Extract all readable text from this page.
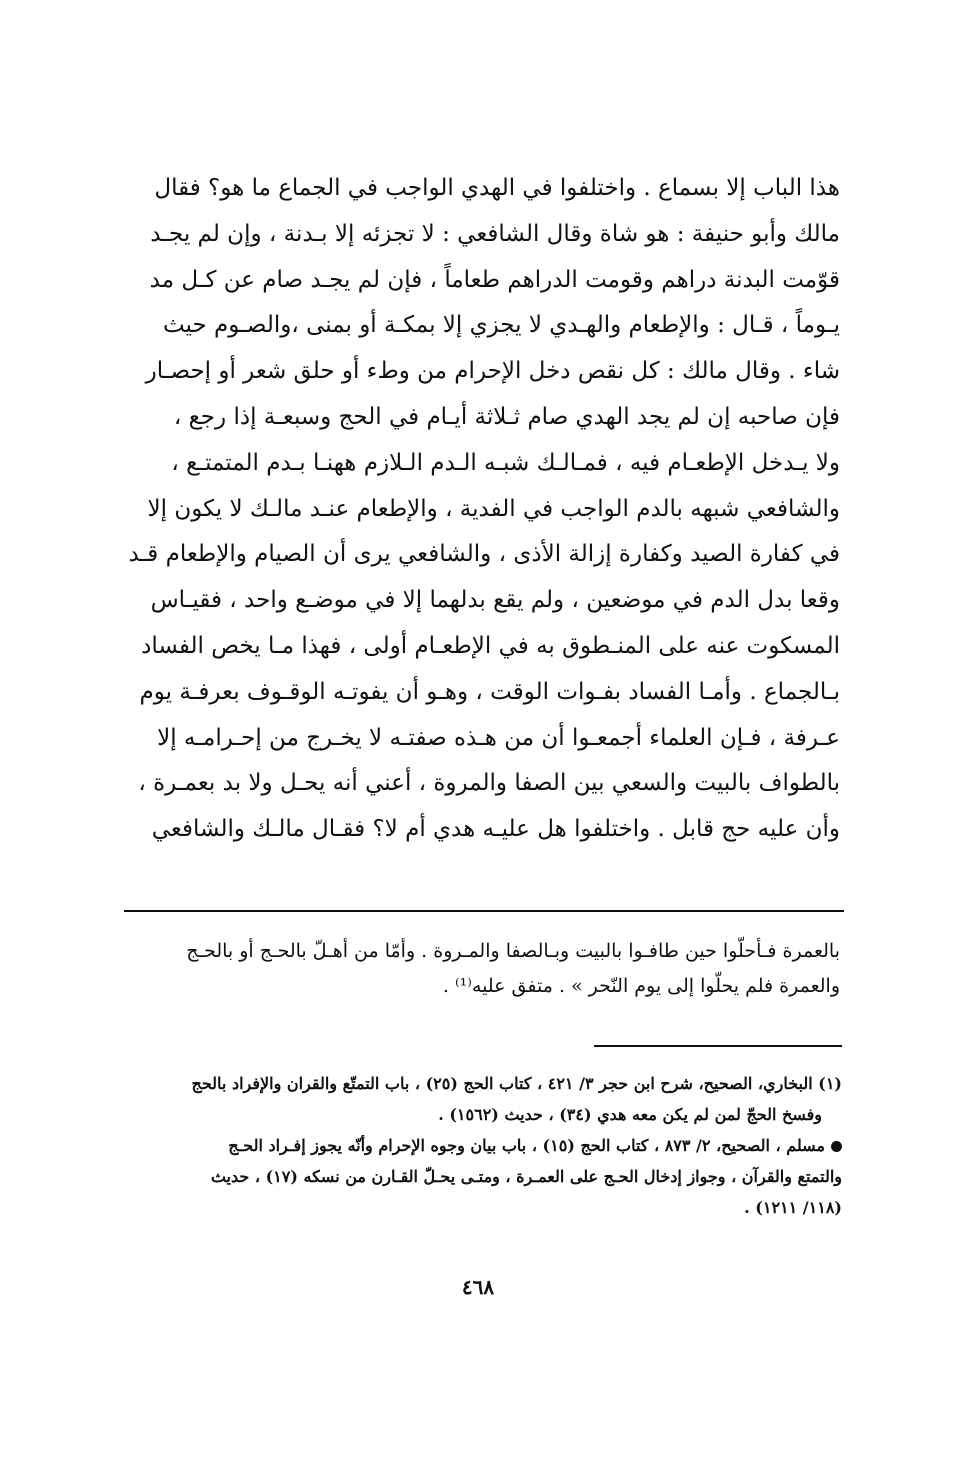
هذا الباب إلا بسماع . واختلفوا في الهدي الواجب في الجماع ما هو؟ فقال
مالك وأبو حنيفة : هو شاة وقال الشافعي : لا تجزئه إلا بـدنة ، وإن لم يجـد
قوّمت البدنة دراهم وقومت الدراهم طعاماً ، فإن لم يجـد صام عن كـل مد
يـوماً ، قـال : والإطعام والهـدي لا يجزي إلا بمكـة أو بمنى ،والصـوم حيث
شاء . وقال مالك : كل نقص دخل الإحرام من وطء أو حلق شعر أو إحصـار
فإن صاحبه إن لم يجد الهدي صام ثـلاثة أيـام في الحج وسبعـة إذا رجع ،
ولا يـدخل الإطعـام فيه ، فمـالـك شبـه الـدم الـلازم ههنـا بـدم المتمتـع ،
والشافعي شبهه بالدم الواجب في الفدية ، والإطعام عنـد مالـك لا يكون إلا
في كفارة الصيد وكفارة إزالة الأذى ، والشافعي يرى أن الصيام والإطعام قـد
وقعا بدل الدم في موضعين ، ولم يقع بدلهما إلا في موضـع واحد ، فقيـاس
المسكوت عنه على المنـطوق به في الإطعـام أولى ، فهذا مـا يخص الفساد
بـالجماع . وأمـا الفساد بفـوات الوقت ، وهـو أن يفوتـه الوقـوف بعرفـة يوم
عـرفة ، فـإن العلماء أجمعـوا أن من هـذه صفتـه لا يخـرج من إحـرامـه إلا
بالطواف بالبيت والسعي بين الصفا والمروة ، أعني أنه يحـل ولا بد بعمـرة ،
وأن عليه حج قابل . واختلفوا هل عليـه هدي أم لا؟ فقـال مالـك والشافعي
بالعمرة فـأحلّوا حين طافـوا بالبيت وبـالصفا والمـروة . وأمّا من أهـلّ بالحـج أو بالحـج
والعمرة فلم يحلّوا إلى يوم النّحر » . متفق عليه⁽¹⁾ .
(١) البخاري، الصحيح، شرح ابن حجر ٣/ ٤٢١ ، كتاب الحج (٢٥) ، باب التمتّع والقران والإفراد بالحج
وفسخ الحجّ لمن لم يكن معه هدي (٣٤) ، حديث (١٥٦٢) .
مسلم ، الصحيح، ٢/ ٨٧٣ ، كتاب الحج (١٥) ، باب بيان وجوه الإحرام وأنّه يجوز إفـراد الحـج
والتمتع والقرآن ، وجواز إدخال الحـج على العمـرة ، ومتـى يحـلّ القـارن من نسكه (١٧) ، حديث
(١١٨/ ١٢١١) .
٤٦٨
